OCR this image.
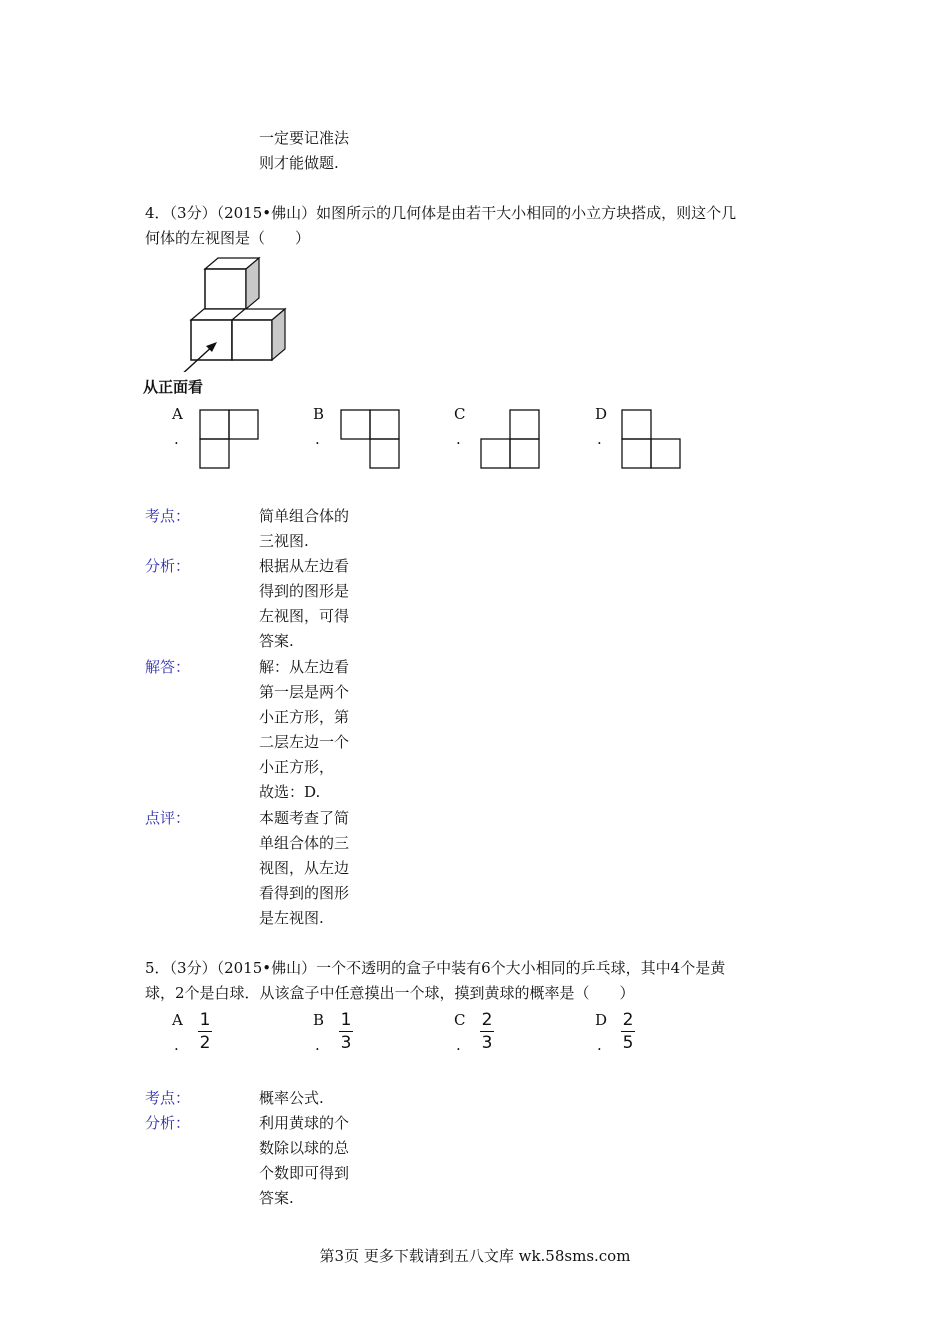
一定要记准法
则才能做题.
4．（3分）（2015•佛山）如图所示的几何体是由若干大小相同的小立方块搭成，则这个几
何体的左视图是（　　）
从正面看
A
.
B
.
C
.
D
.
考点：	简单组合体的
三视图.
分析：	根据从左边看
得到的图形是
左视图，可得
答案.
解答：	解：从左边看
第一层是两个
小正方形，第
二层左边一个
小正方形，
故选：D.
点评：	本题考查了简
单组合体的三
视图，从左边
看得到的图形
是左视图.
5．（3分）（2015•佛山）一个不透明的盒子中装有6个大小相同的乒乓球，其中4个是黄
球，2个是白球．从该盒子中任意摸出一个球，摸到黄球的概率是（　　）
A
.
1
2
B
.
1
3
C
.
2
3
D
.
2
5
考点：	概率公式.
分析：	利用黄球的个
数除以球的总
个数即可得到
答案.
第3页 更多下载请到五八文库 wk.58sms.com
